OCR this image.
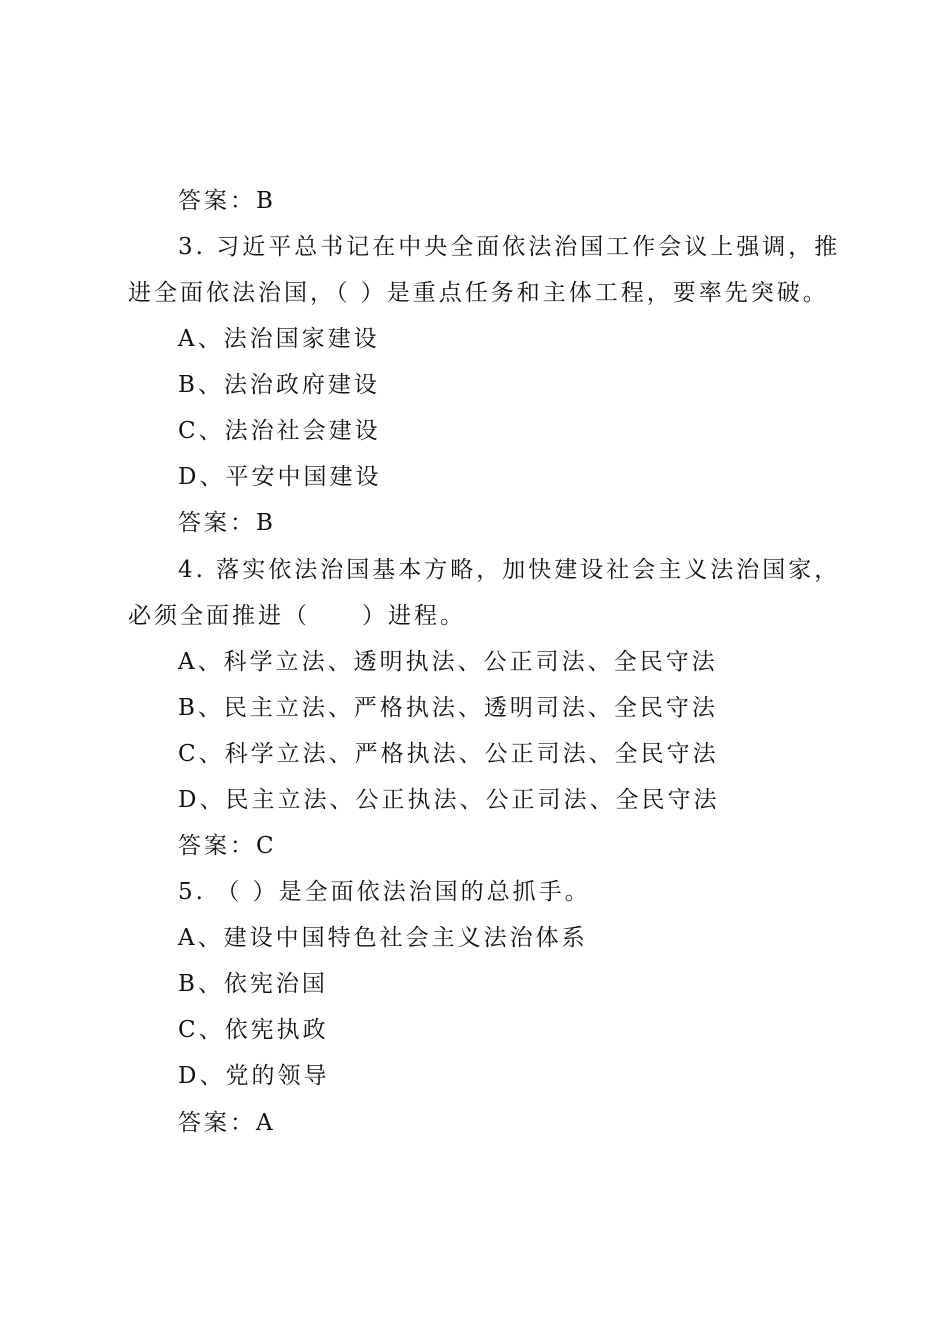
答案：B
3. 习近平总书记在中央全面依法治国工作会议上强调，推
进全面依法治国，（ ）是重点任务和主体工程，要率先突破。
A、法治国家建设
B、法治政府建设
C、法治社会建设
D、平安中国建设
答案：B
4. 落实依法治国基本方略，加快建设社会主义法治国家，
必须全面推进（　　）进程。
A、科学立法、透明执法、公正司法、全民守法
B、民主立法、严格执法、透明司法、全民守法
C、科学立法、严格执法、公正司法、全民守法
D、民主立法、公正执法、公正司法、全民守法
答案：C
5. （ ）是全面依法治国的总抓手。
A、建设中国特色社会主义法治体系
B、依宪治国
C、依宪执政
D、党的领导
答案：A
